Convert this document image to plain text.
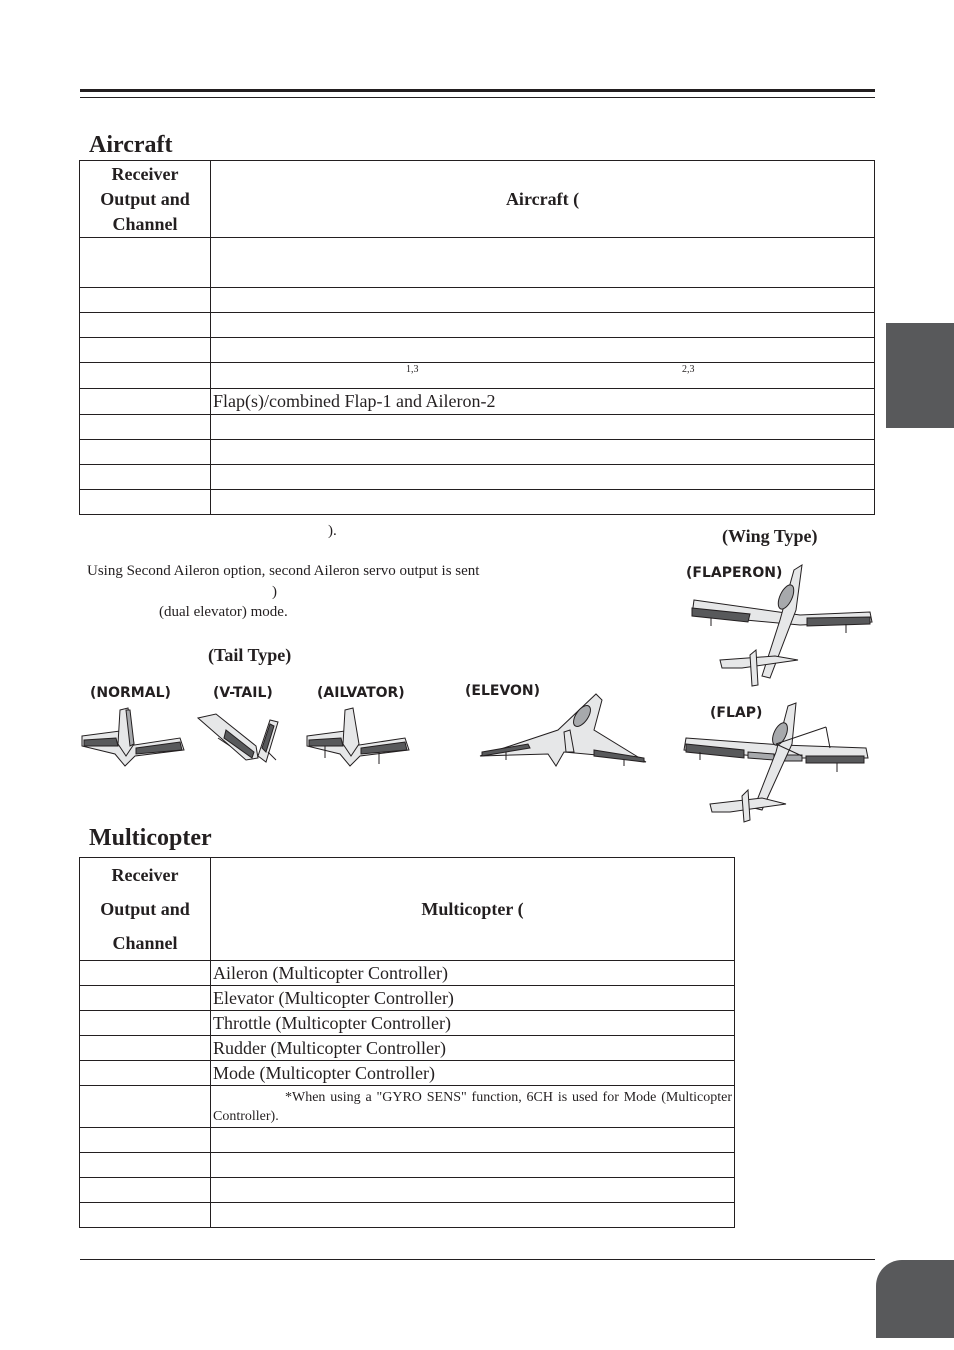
Aircraft
Receiver
Output and
Channel	Aircraft (

	1,3 2,3

	Flap(s)/combined Flap-1 and Aileron-2

).
Using Second Aileron option, second Aileron servo output is sent
)
(dual elevator) mode.
(Wing Type)
(Tail Type)
(FLAPERON)
(FLAP)
(NORMAL)	(V-TAIL)	(AILVATOR)	(ELEVON)
Multicopter
Receiver
Output and
Channel	Multicopter (
	Aileron (Multicopter Controller)
	Elevator (Multicopter Controller)
	Throttle (Multicopter Controller)
	Rudder (Multicopter Controller)
	Mode (Multicopter Controller)
	*When using a "GYRO SENS" function, 6CH is used for Mode (Multicopter Controller).
